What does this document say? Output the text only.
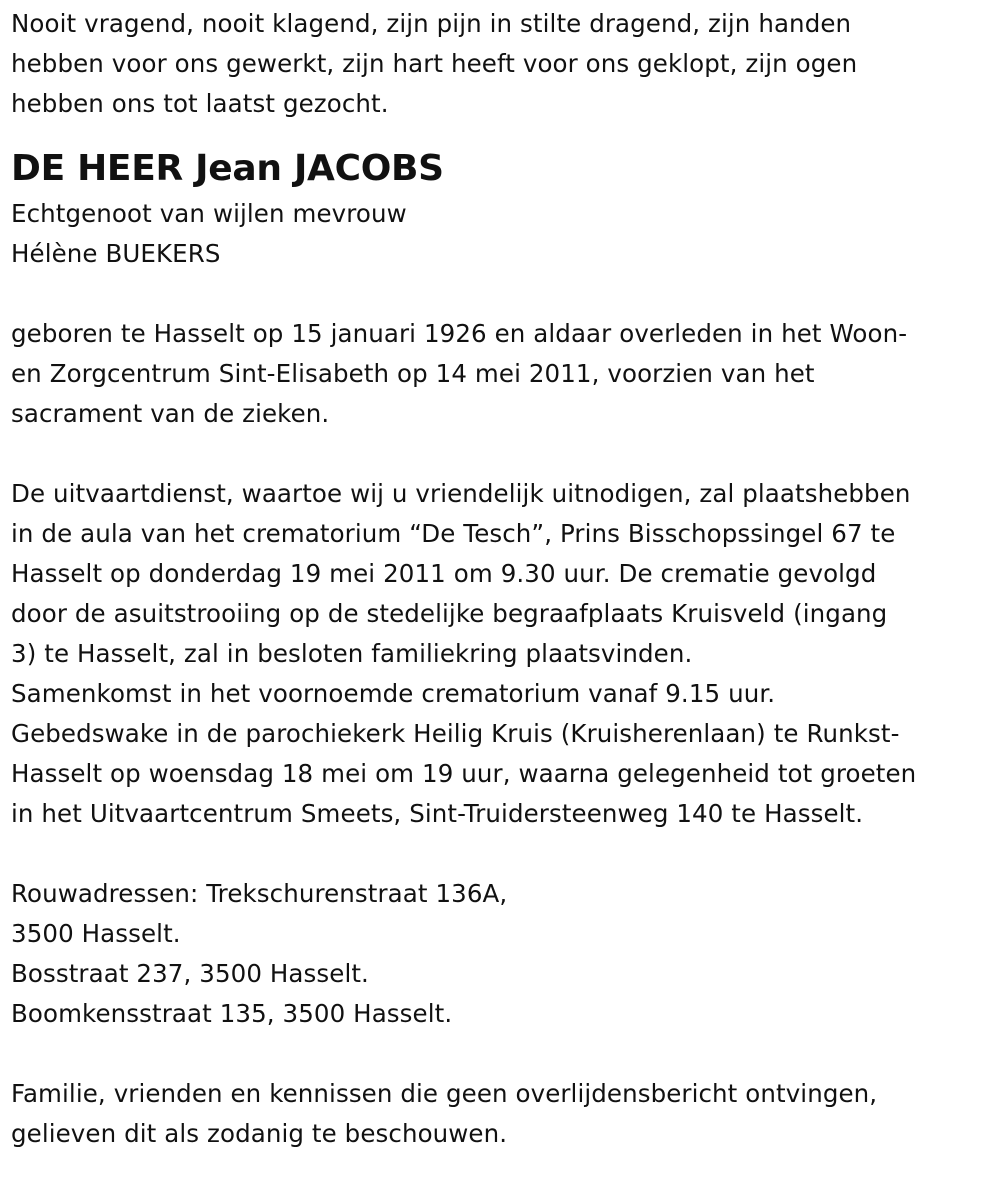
Nooit vragend, nooit klagend, zijn pijn in stilte dragend, zijn handen
hebben voor ons gewerkt, zijn hart heeft voor ons geklopt, zijn ogen
hebben ons tot laatst gezocht.
DE HEER Jean JACOBS
Echtgenoot van wijlen mevrouw
Hélène BUEKERS
geboren te Hasselt op 15 januari 1926 en aldaar overleden in het Woon-
en Zorgcentrum Sint-Elisabeth op 14 mei 2011, voorzien van het
sacrament van de zieken.
De uitvaartdienst, waartoe wij u vriendelijk uitnodigen, zal plaatshebben
in de aula van het crematorium “De Tesch”, Prins Bisschopssingel 67 te
Hasselt op donderdag 19 mei 2011 om 9.30 uur. De crematie gevolgd
door de asuitstrooiing op de stedelijke begraafplaats Kruisveld (ingang
3) te Hasselt, zal in besloten familiekring plaatsvinden.
Samenkomst in het voornoemde crematorium vanaf 9.15 uur.
Gebedswake in de parochiekerk Heilig Kruis (Kruisherenlaan) te Runkst-
Hasselt op woensdag 18 mei om 19 uur, waarna gelegenheid tot groeten
in het Uitvaartcentrum Smeets, Sint-Truidersteenweg 140 te Hasselt.
Rouwadressen: Trekschurenstraat 136A,
3500 Hasselt.
Bosstraat 237, 3500 Hasselt.
Boomkensstraat 135, 3500 Hasselt.
Familie, vrienden en kennissen die geen overlijdensbericht ontvingen,
gelieven dit als zodanig te beschouwen.
